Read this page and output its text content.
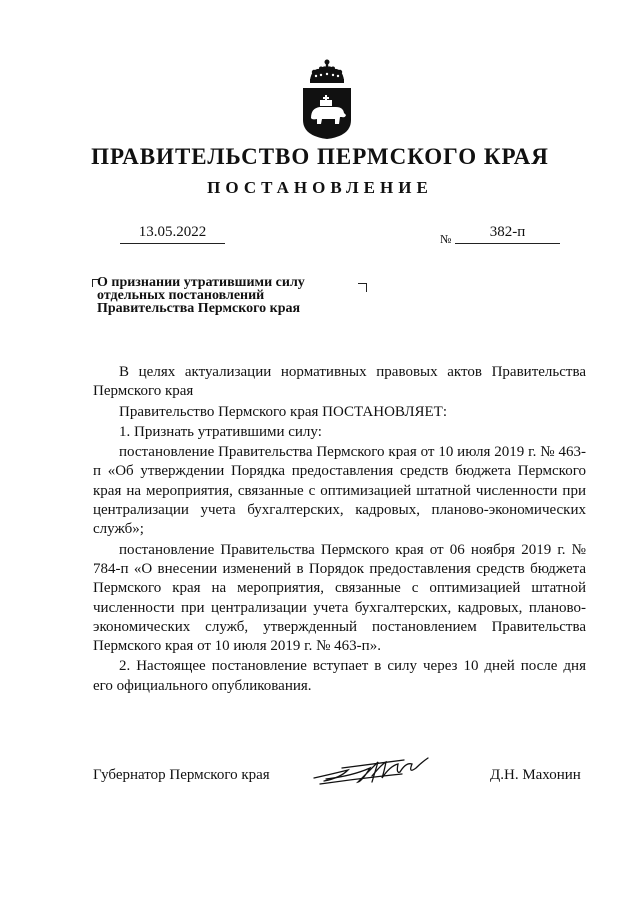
ПРАВИТЕЛЬСТВО ПЕРМСКОГО КРАЯ
ПОСТАНОВЛЕНИЕ
13.05.2022	№	382-п
О признании утратившими силу
отдельных постановлений
Правительства Пермского края

В целях актуализации нормативных правовых актов Правительства Пермского края

Правительство Пермского края ПОСТАНОВЛЯЕТ:

1. Признать утратившими силу:

постановление Правительства Пермского края от 10 июля 2019 г. № 463-п «Об утверждении Порядка предоставления средств бюджета Пермского края на мероприятия, связанные с оптимизацией штатной численности при централизации учета бухгалтерских, кадровых, планово-экономических служб»;

постановление Правительства Пермского края от 06 ноября 2019 г. № 784-п «О внесении изменений в Порядок предоставления средств бюджета Пермского края на мероприятия, связанные с оптимизацией штатной численности при централизации учета бухгалтерских, кадровых, планово-экономических служб, утвержденный постановлением Правительства Пермского края от 10 июля 2019 г. № 463-п».

2. Настоящее постановление вступает в силу через 10 дней после дня его официального опубликования.

Губернатор Пермского края	Д.Н. Махонин
